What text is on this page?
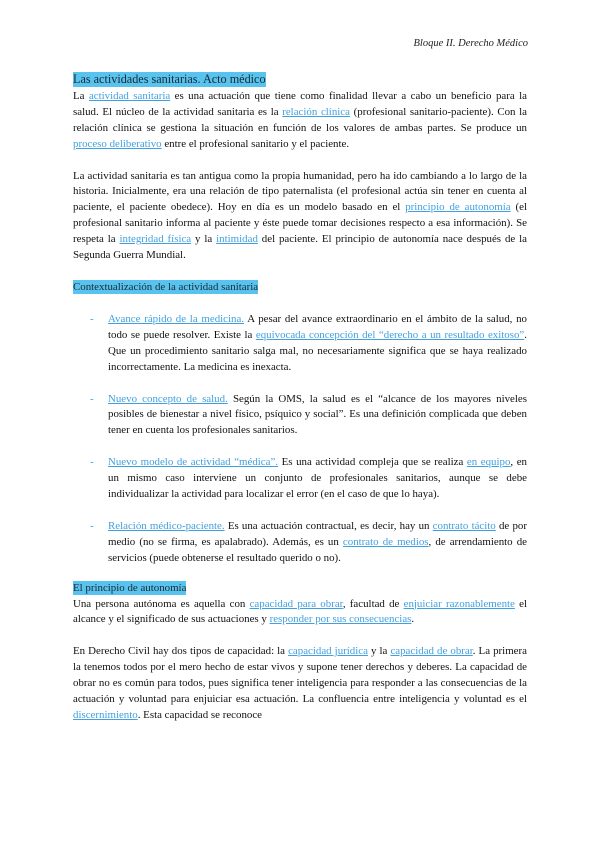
Bloque II. Derecho Médico
Las actividades sanitarias. Acto médico

La actividad sanitaria es una actuación que tiene como finalidad llevar a cabo un beneficio para la salud. El núcleo de la actividad sanitaria es la relación clínica (profesional sanitario-paciente). Con la relación clínica se gestiona la situación en función de los valores de ambas partes. Se produce un proceso deliberativo entre el profesional sanitario y el paciente.

La actividad sanitaria es tan antigua como la propia humanidad, pero ha ido cambiando a lo largo de la historia. Inicialmente, era una relación de tipo paternalista (el profesional actúa sin tener en cuenta al paciente, el paciente obedece). Hoy en día es un modelo basado en el principio de autonomía (el profesional sanitario informa al paciente y éste puede tomar decisiones respecto a esa información). Se respeta la integridad física y la intimidad del paciente. El principio de autonomía nace después de la Segunda Guerra Mundial.

Contextualización de la actividad sanitaria
- Avance rápido de la medicina. A pesar del avance extraordinario en el ámbito de la salud, no todo se puede resolver. Existe la equivocada concepción del “derecho a un resultado exitoso”. Que un procedimiento sanitario salga mal, no necesariamente significa que se haya realizado incorrectamente. La medicina es inexacta.
- Nuevo concepto de salud. Según la OMS, la salud es el “alcance de los mayores niveles posibles de bienestar a nivel físico, psíquico y social”. Es una definición complicada que deben tener en cuenta los profesionales sanitarios.
- Nuevo modelo de actividad “médica”. Es una actividad compleja que se realiza en equipo, en un mismo caso interviene un conjunto de profesionales sanitarios, aunque se debe individualizar la actividad para localizar el error (en el caso de que lo haya).
- Relación médico-paciente. Es una actuación contractual, es decir, hay un contrato tácito de por medio (no se firma, es apalabrado). Además, es un contrato de medios, de arrendamiento de servicios (puede obtenerse el resultado querido o no).
El principio de autonomía

Una persona autónoma es aquella con capacidad para obrar, facultad de enjuiciar razonablemente el alcance y el significado de sus actuaciones y responder por sus consecuencias.

En Derecho Civil hay dos tipos de capacidad: la capacidad jurídica y la capacidad de obrar. La primera la tenemos todos por el mero hecho de estar vivos y supone tener derechos y deberes. La capacidad de obrar no es común para todos, pues significa tener inteligencia para responder a las consecuencias de la actuación y voluntad para enjuiciar esa actuación. La confluencia entre inteligencia y voluntad es el discernimiento. Esta capacidad se reconoce
